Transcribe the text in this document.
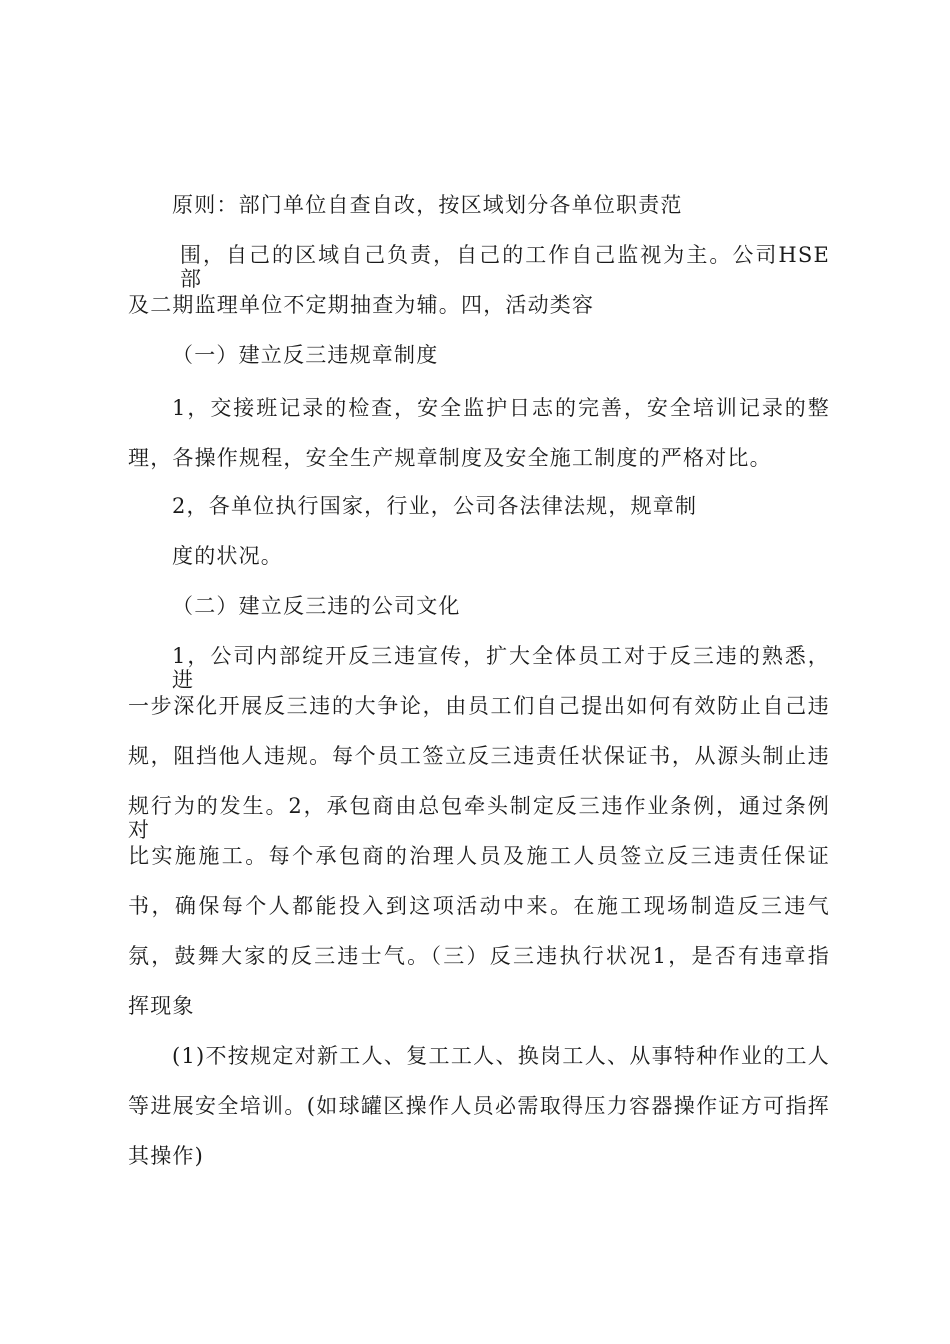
原则：部门单位自查自改，按区域划分各单位职责范
围，自己的区域自己负责，自己的工作自己监视为主。公司HSE部
及二期监理单位不定期抽查为辅。四，活动类容
（一）建立反三违规章制度
1，交接班记录的检查，安全监护日志的完善，安全培训记录的整
理，各操作规程，安全生产规章制度及安全施工制度的严格对比。
2，各单位执行国家，行业，公司各法律法规，规章制
度的状况。
（二）建立反三违的公司文化
1，公司内部绽开反三违宣传，扩大全体员工对于反三违的熟悉，进
一步深化开展反三违的大争论，由员工们自己提出如何有效防止自己违
规，阻挡他人违规。每个员工签立反三违责任状保证书，从源头制止违
规行为的发生。2，承包商由总包牵头制定反三违作业条例，通过条例对
比实施施工。每个承包商的治理人员及施工人员签立反三违责任保证
书，确保每个人都能投入到这项活动中来。在施工现场制造反三违气
氛，鼓舞大家的反三违士气。（三）反三违执行状况1，是否有违章指
挥现象
(1)不按规定对新工人、复工工人、换岗工人、从事特种作业的工人
等进展安全培训。(如球罐区操作人员必需取得压力容器操作证方可指挥
其操作)
